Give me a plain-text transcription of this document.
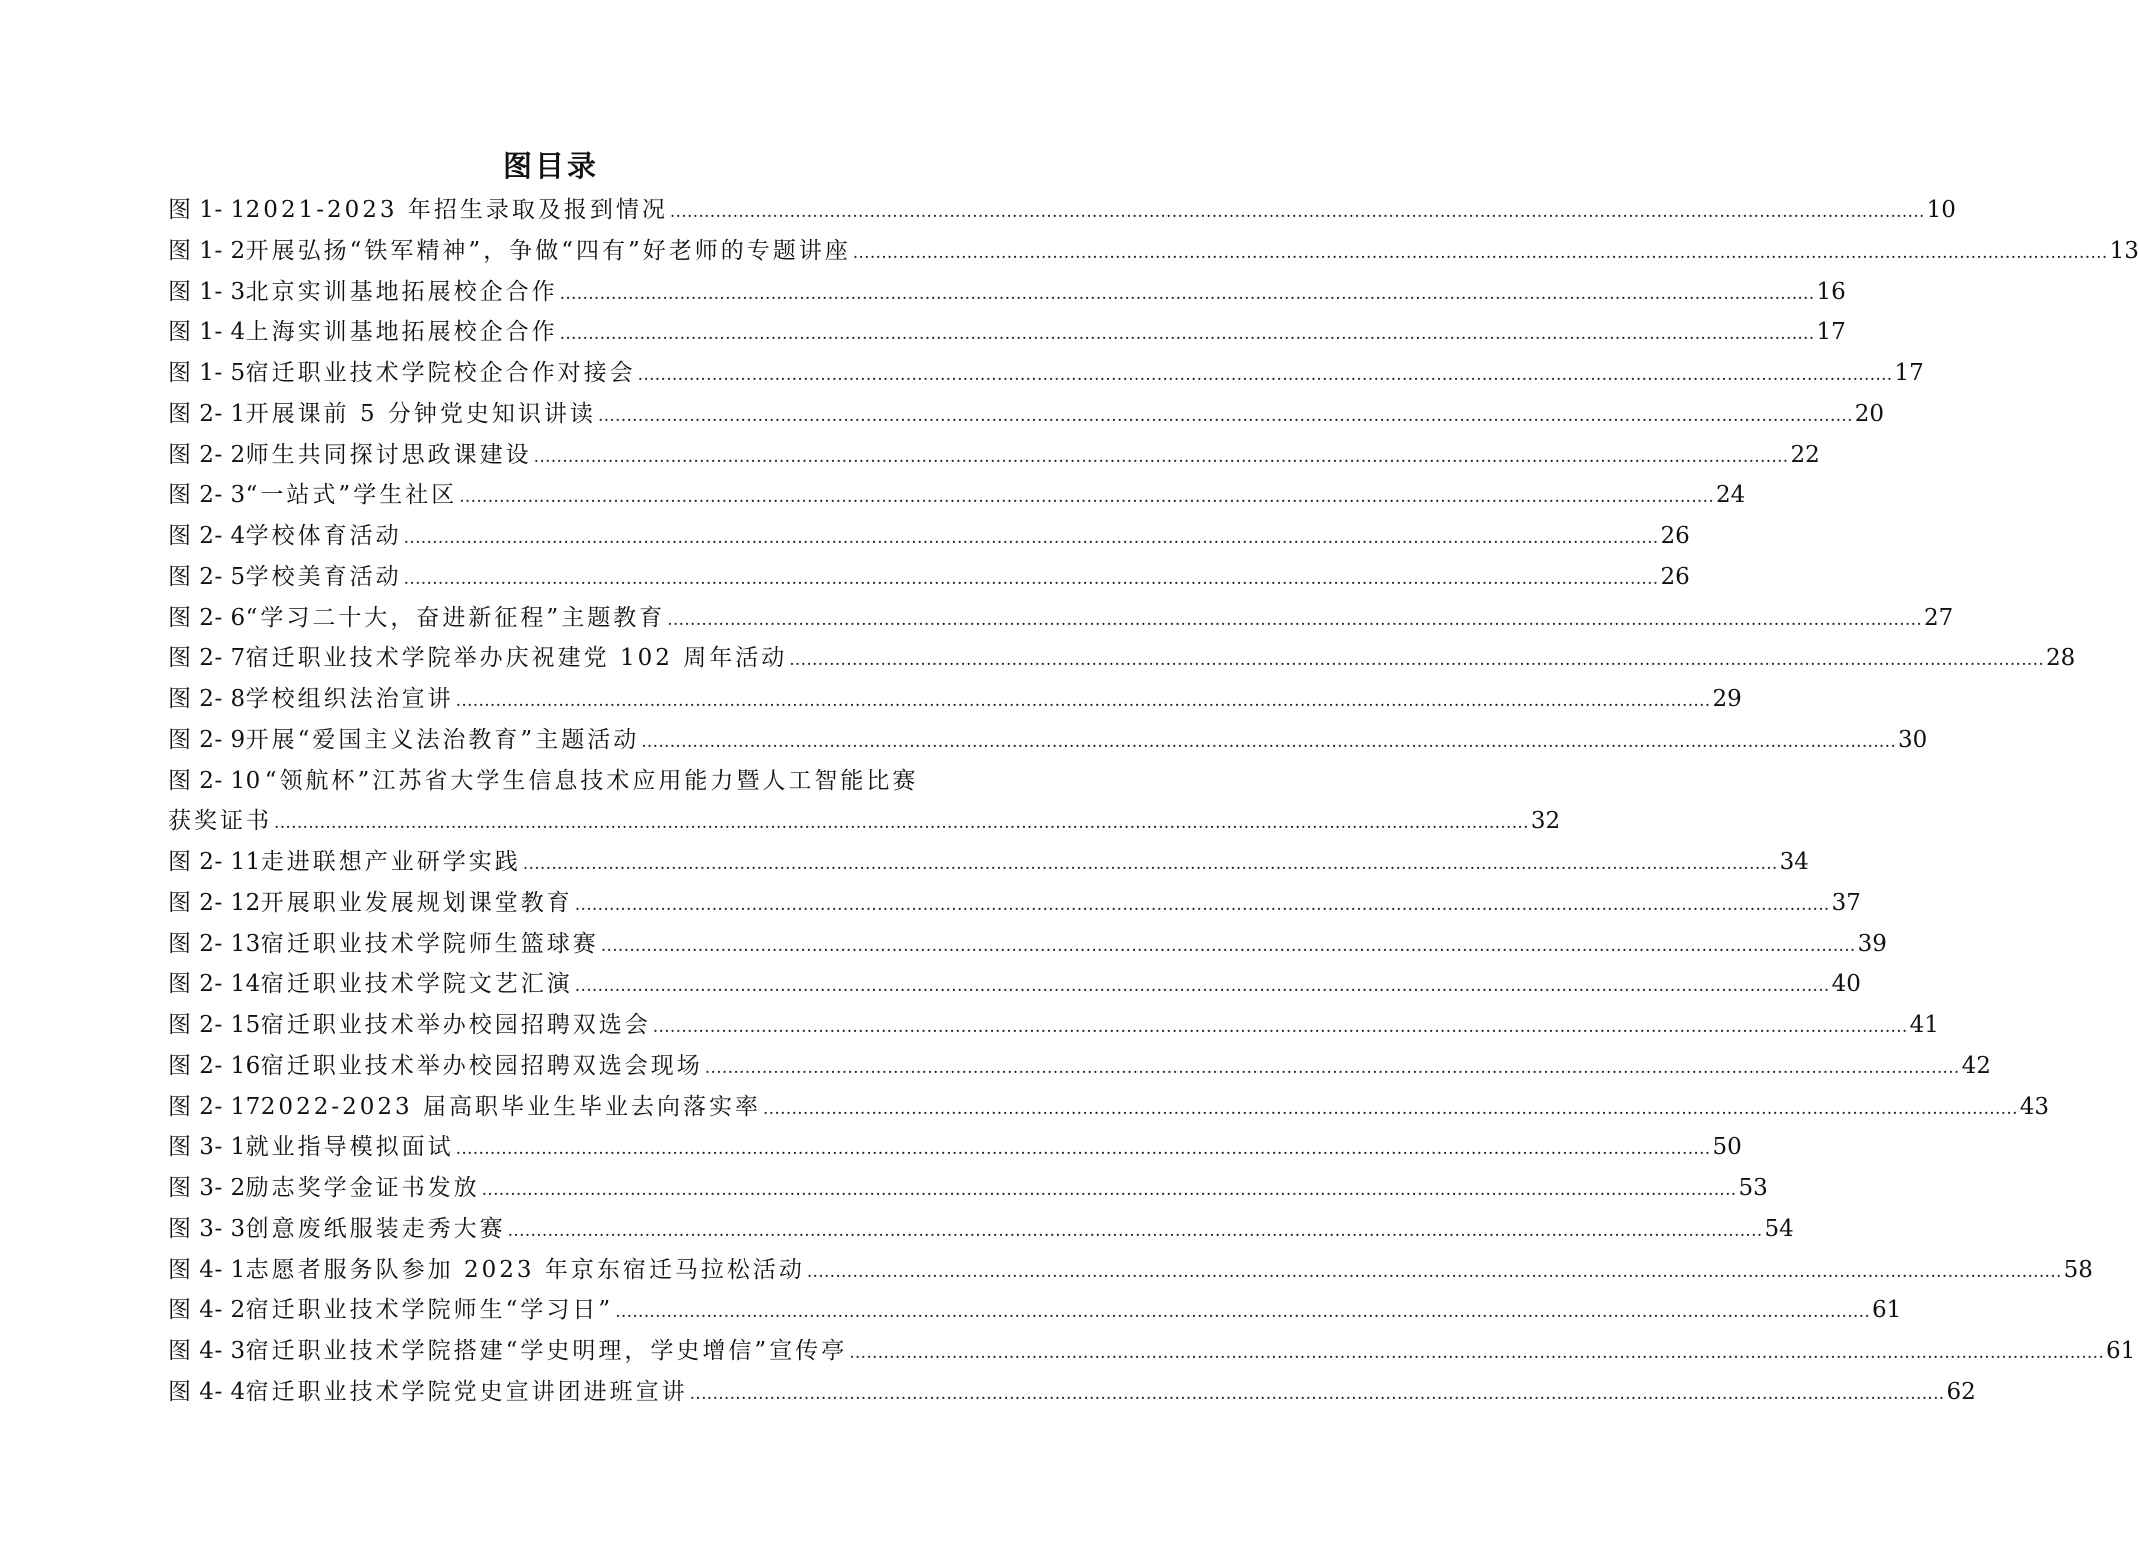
图目录
图 1- 1 2021-2023 年招生录取及报到情况 ............................................................................................................................................................................................................................ 10
图 1- 2 开展弘扬“铁军精神”，争做“四有”好老师的专题讲座 ............................................................................................................................................................................................................................ 13
图 1- 3 北京实训基地拓展校企合作 ............................................................................................................................................................................................................................ 16
图 1- 4 上海实训基地拓展校企合作 ............................................................................................................................................................................................................................ 17
图 1- 5 宿迁职业技术学院校企合作对接会 ............................................................................................................................................................................................................................ 17
图 2- 1 开展课前 5 分钟党史知识讲读 ............................................................................................................................................................................................................................ 20
图 2- 2 师生共同探讨思政课建设 ............................................................................................................................................................................................................................ 22
图 2- 3 “一站式”学生社区 ............................................................................................................................................................................................................................ 24
图 2- 4 学校体育活动 ............................................................................................................................................................................................................................ 26
图 2- 5 学校美育活动 ............................................................................................................................................................................................................................ 26
图 2- 6 “学习二十大，奋进新征程”主题教育 ............................................................................................................................................................................................................................ 27
图 2- 7 宿迁职业技术学院举办庆祝建党 102 周年活动 ............................................................................................................................................................................................................................ 28
图 2- 8 学校组织法治宣讲 ............................................................................................................................................................................................................................ 29
图 2- 9 开展“爱国主义法治教育”主题活动 ............................................................................................................................................................................................................................ 30
图 2- 10 “领航杯”江苏省大学生信息技术应用能力暨人工智能比赛
获奖证书 ............................................................................................................................................................................................................................ 32
图 2- 11 走进联想产业研学实践 ............................................................................................................................................................................................................................ 34
图 2- 12 开展职业发展规划课堂教育 ............................................................................................................................................................................................................................ 37
图 2- 13 宿迁职业技术学院师生篮球赛 ............................................................................................................................................................................................................................ 39
图 2- 14 宿迁职业技术学院文艺汇演 ............................................................................................................................................................................................................................ 40
图 2- 15 宿迁职业技术举办校园招聘双选会 ............................................................................................................................................................................................................................ 41
图 2- 16 宿迁职业技术举办校园招聘双选会现场 ............................................................................................................................................................................................................................ 42
图 2- 17 2022-2023 届高职毕业生毕业去向落实率 ............................................................................................................................................................................................................................ 43
图 3- 1 就业指导模拟面试 ............................................................................................................................................................................................................................ 50
图 3- 2 励志奖学金证书发放 ............................................................................................................................................................................................................................ 53
图 3- 3 创意废纸服装走秀大赛 ............................................................................................................................................................................................................................ 54
图 4- 1 志愿者服务队参加 2023 年京东宿迁马拉松活动 ............................................................................................................................................................................................................................ 58
图 4- 2 宿迁职业技术学院师生“学习日” ............................................................................................................................................................................................................................ 61
图 4- 3 宿迁职业技术学院搭建“学史明理，学史增信”宣传亭 ............................................................................................................................................................................................................................ 61
图 4- 4 宿迁职业技术学院党史宣讲团进班宣讲 ............................................................................................................................................................................................................................ 62
